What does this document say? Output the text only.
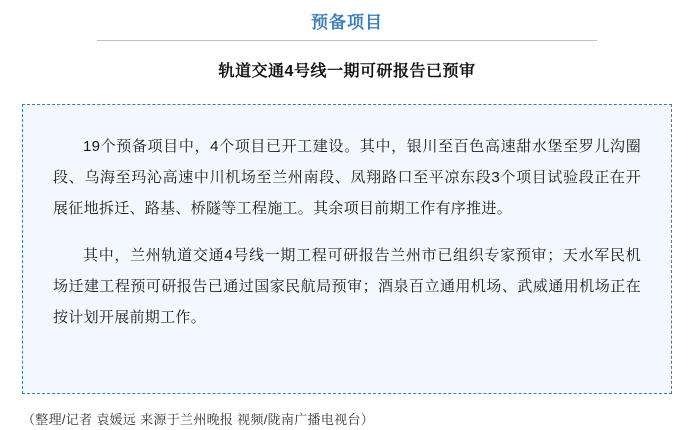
预备项目
轨道交通4号线一期可研报告已预审

19个预备项目中，4个项目已开工建设。其中，银川至百色高速甜水堡至罗儿沟圈段、乌海至玛沁高速中川机场至兰州南段、凤翔路口至平凉东段3个项目试验段正在开展征地拆迁、路基、桥隧等工程施工。其余项目前期工作有序推进。

其中，兰州轨道交通4号线一期工程可研报告兰州市已组织专家预审；天水军民机场迁建工程预可研报告已通过国家民航局预审；酒泉百立通用机场、武威通用机场正在按计划开展前期工作。

（整理/记者 袁媛远 来源于兰州晚报 视频/陇南广播电视台）
